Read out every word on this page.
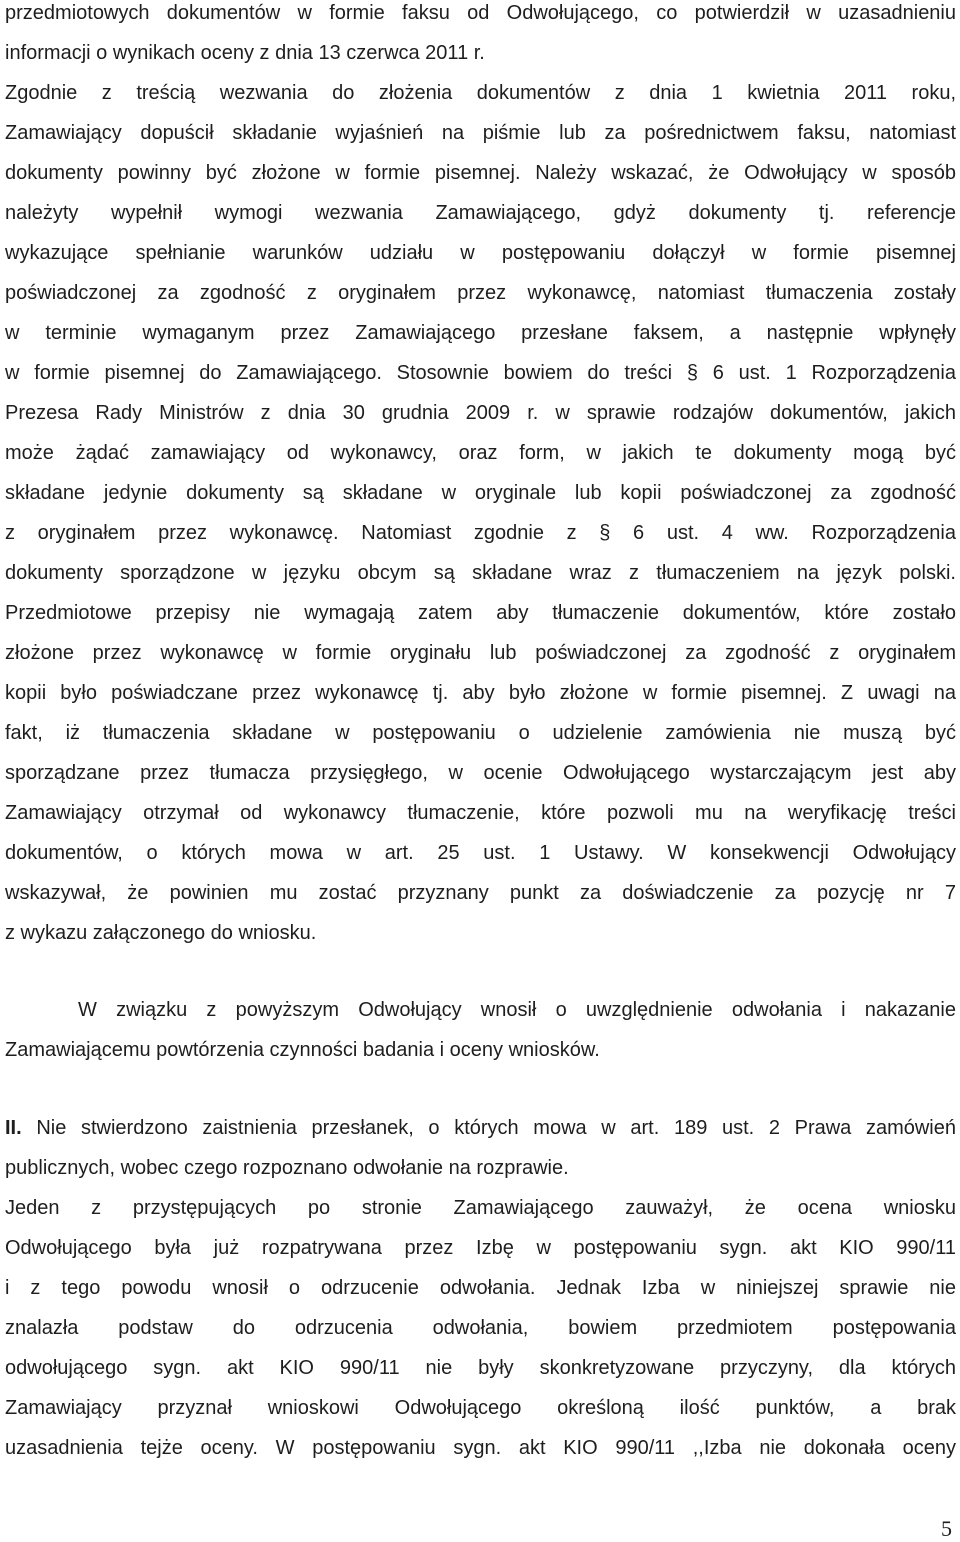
przedmiotowych dokumentów w formie faksu od Odwołującego, co potwierdził w uzasadnieniu
informacji o wynikach oceny z dnia 13 czerwca 2011 r.
Zgodnie z treścią wezwania do złożenia dokumentów z dnia 1 kwietnia 2011 roku,
Zamawiający dopuścił składanie wyjaśnień na piśmie lub za pośrednictwem faksu, natomiast
dokumenty powinny być złożone w formie pisemnej. Należy wskazać, że Odwołujący w sposób
należyty wypełnił wymogi wezwania Zamawiającego, gdyż dokumenty tj. referencje
wykazujące spełnianie warunków udziału w postępowaniu dołączył w formie pisemnej
poświadczonej za zgodność z oryginałem przez wykonawcę, natomiast tłumaczenia zostały
w terminie wymaganym przez Zamawiającego przesłane faksem, a następnie wpłynęły
w formie pisemnej do Zamawiającego. Stosownie bowiem do treści § 6 ust. 1 Rozporządzenia
Prezesa Rady Ministrów z dnia 30 grudnia 2009 r. w sprawie rodzajów dokumentów, jakich
może żądać zamawiający od wykonawcy, oraz form, w jakich te dokumenty mogą być
składane jedynie dokumenty są składane w oryginale lub kopii poświadczonej za zgodność
z oryginałem przez wykonawcę. Natomiast zgodnie z § 6 ust. 4 ww. Rozporządzenia
dokumenty sporządzone w języku obcym są składane wraz z tłumaczeniem na język polski.
Przedmiotowe przepisy nie wymagają zatem aby tłumaczenie dokumentów, które zostało
złożone przez wykonawcę w formie oryginału lub poświadczonej za zgodność z oryginałem
kopii było poświadczane przez wykonawcę tj. aby było złożone w formie pisemnej. Z uwagi na
fakt, iż tłumaczenia składane w postępowaniu o udzielenie zamówienia nie muszą być
sporządzane przez tłumacza przysięgłego, w ocenie Odwołującego wystarczającym jest aby
Zamawiający otrzymał od wykonawcy tłumaczenie, które pozwoli mu na weryfikację treści
dokumentów, o których mowa w art. 25 ust. 1 Ustawy. W konsekwencji Odwołujący
wskazywał, że powinien mu zostać przyznany punkt za doświadczenie za pozycję nr 7
z wykazu załączonego do wniosku.
W związku z powyższym Odwołujący wnosił o uwzględnienie odwołania i nakazanie
Zamawiającemu powtórzenia czynności badania i oceny wniosków.
II. Nie stwierdzono zaistnienia przesłanek, o których mowa w art. 189 ust. 2 Prawa zamówień
publicznych, wobec czego rozpoznano odwołanie na rozprawie.
Jeden z przystępujących po stronie Zamawiającego zauważył, że ocena wniosku
Odwołującego była już rozpatrywana przez Izbę w postępowaniu sygn. akt KIO 990/11
i z tego powodu wnosił o odrzucenie odwołania. Jednak Izba w niniejszej sprawie nie
znalazła podstaw do odrzucenia odwołania, bowiem przedmiotem postępowania
odwołującego sygn. akt KIO 990/11 nie były skonkretyzowane przyczyny, dla których
Zamawiający przyznał wnioskowi Odwołującego określoną ilość punktów, a brak
uzasadnienia tejże oceny. W postępowaniu sygn. akt KIO 990/11 ,,Izba nie dokonała oceny
5
